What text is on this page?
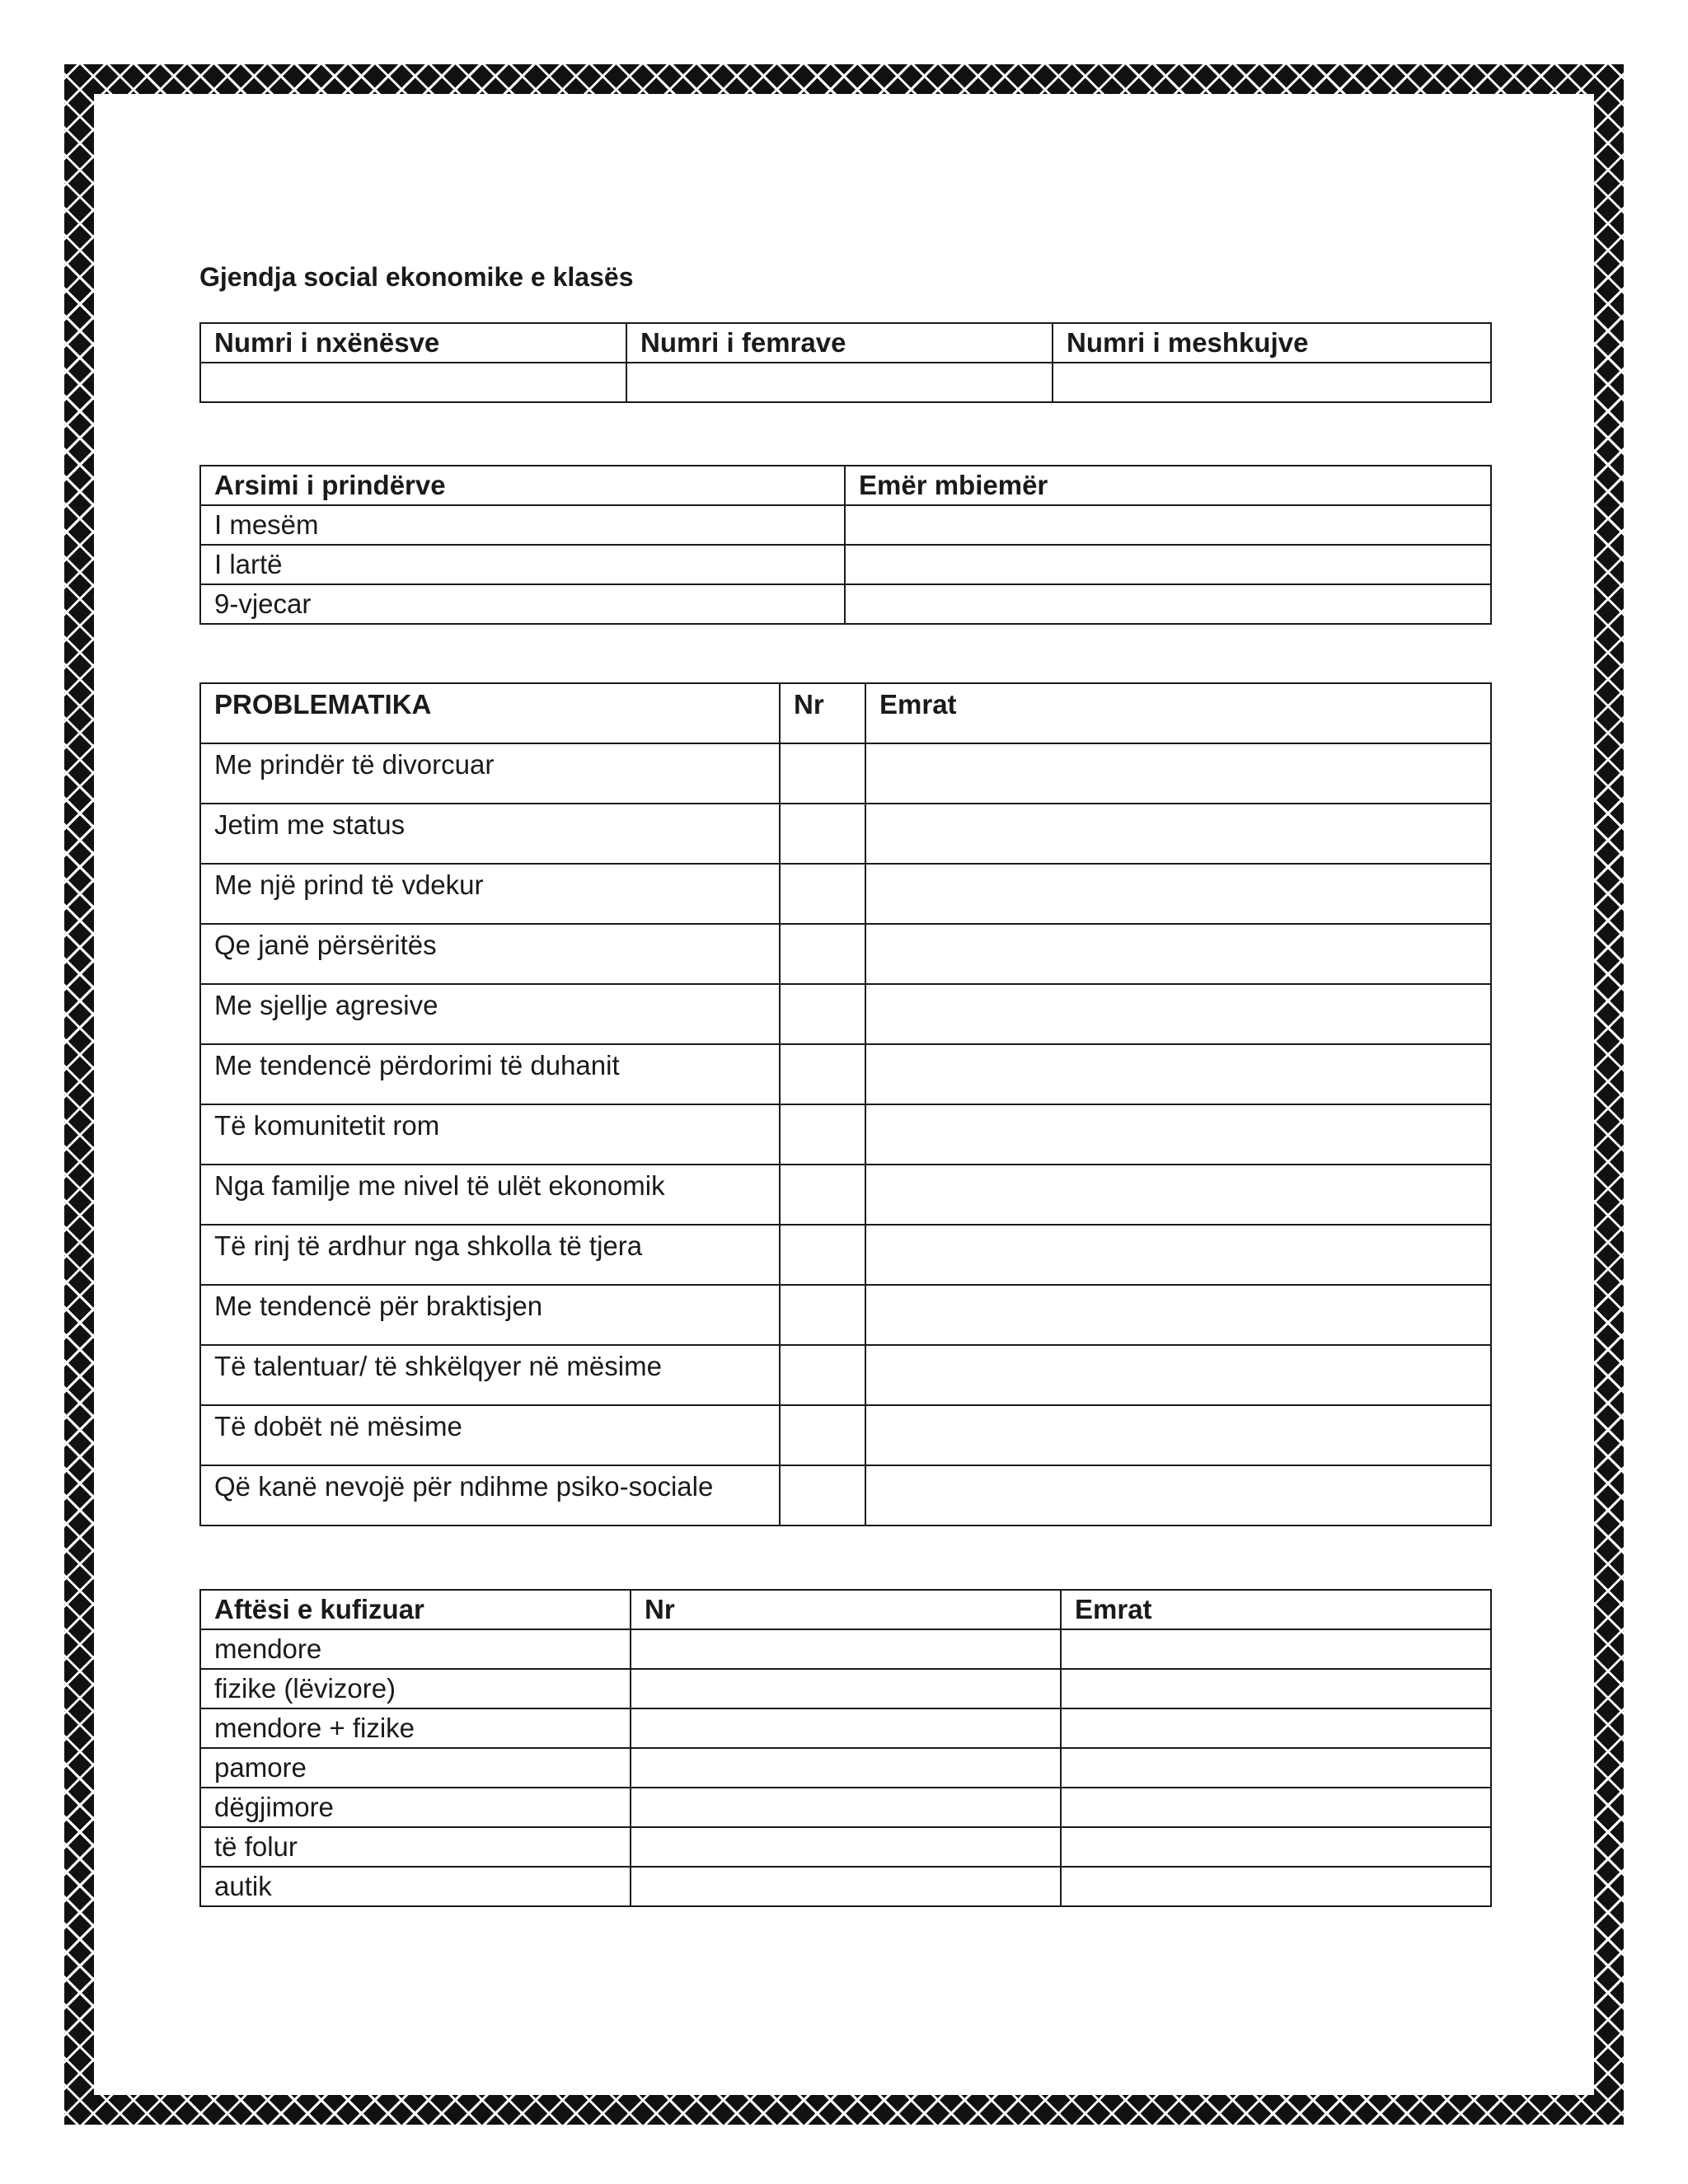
Gjendja social ekonomike e klasës
Numri i nxënësve	Numri i femrave	Numri i meshkujve

Arsimi i prindërve	Emër mbiemër
I mesëm	
I lartë	
9-vjecar	
PROBLEMATIKA	Nr	Emrat
Me prindër të divorcuar		
Jetim me status		
Me një prind të vdekur		
Qe janë përsëritës		
Me sjellje agresive		
Me tendencë përdorimi të duhanit		
Të komunitetit rom		
Nga familje me nivel të ulët ekonomik		
Të rinj të ardhur nga shkolla të tjera		
Me tendencë për braktisjen		
Të talentuar/ të shkëlqyer në mësime		
Të dobët në mësime		
Që kanë nevojë për ndihme psiko-sociale		
Aftësi e kufizuar	Nr	Emrat
mendore		
fizike (lëvizore)		
mendore + fizike		
pamore		
dëgjimore		
të folur		
autik		
